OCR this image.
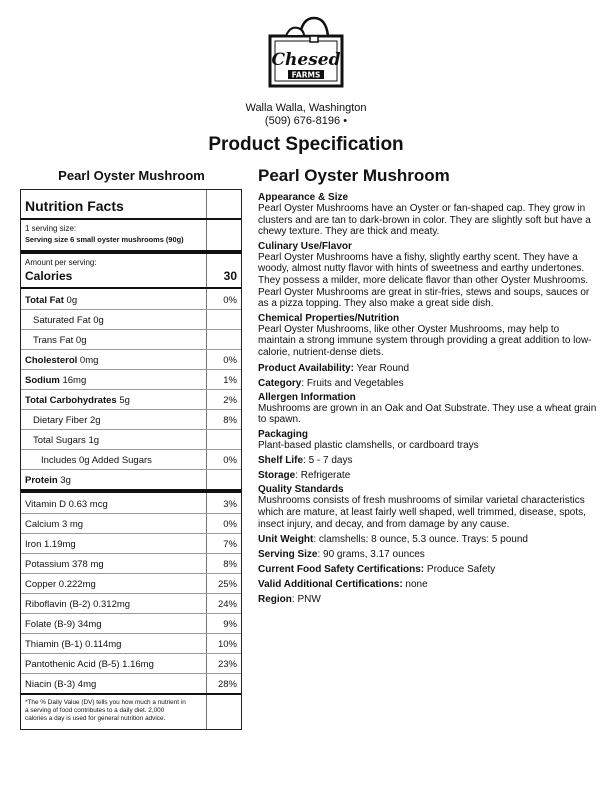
Chesed
FARMS
Walla Walla, Washington
(509) 676-8196 •
Product Specification
Pearl Oyster Mushroom
Nutrition Facts
1 serving size:
Serving size 6 small oyster mushrooms (90g)
Amount per serving:
Calories	30
Total Fat 0g	0%
Saturated Fat 0g
Trans Fat 0g
Cholesterol 0mg	0%
Sodium 16mg	1%
Total Carbohydrates 5g	2%
Dietary Fiber 2g	8%
Total Sugars 1g
Includes 0g Added Sugars	0%
Protein 3g
Vitamin D 0.63 mcg	3%
Calcium 3 mg	0%
Iron 1.19mg	7%
Potassium 378 mg	8%
Copper 0.222mg	25%
Riboflavin (B-2) 0.312mg	24%
Folate (B-9) 34mg	9%
Thiamin (B-1) 0.114mg	10%
Pantothenic Acid (B-5) 1.16mg	23%
Niacin (B-3) 4mg	28%
*The % Daily Value (DV) tells you how much a nutrient in
a serving of food contributes to a daily diet. 2,000
calories a day is used for general nutrition advice.
Pearl Oyster Mushroom
Appearance & Size
Pearl Oyster Mushrooms have an Oyster or fan-shaped cap. They grow in clusters and are tan to dark-brown in color. They are slightly soft but have a chewy texture. They are thick and meaty.
Culinary Use/Flavor
Pearl Oyster Mushrooms have a fishy, slightly earthy scent. They have a woody, almost nutty flavor with hints of sweetness and earthy undertones. They possess a milder, more delicate flavor than other Oyster Mushrooms. Pearl Oyster Mushrooms are great in stir-fries, stews and soups, sauces or as a pizza topping. They also make a great side dish.
Chemical Properties/Nutrition
Pearl Oyster Mushrooms, like other Oyster Mushrooms, may help to maintain a strong immune system through providing a great addition to low-calorie, nutrient-dense diets.
Product Availability: Year Round
Category: Fruits and Vegetables
Allergen Information
Mushrooms are grown in an Oak and Oat Substrate. They use a wheat grain to spawn.
Packaging
Plant-based plastic clamshells, or cardboard trays
Shelf Life: 5 - 7 days
Storage: Refrigerate
Quality Standards
Mushrooms consists of fresh mushrooms of similar varietal characteristics which are mature, at least fairly well shaped, well trimmed, disease, spots, insect injury, and decay, and from damage by any cause.
Unit Weight: clamshells: 8 ounce, 5.3 ounce. Trays: 5 pound
Serving Size: 90 grams, 3.17 ounces
Current Food Safety Certifications: Produce Safety
Valid Additional Certifications: none
Region: PNW
